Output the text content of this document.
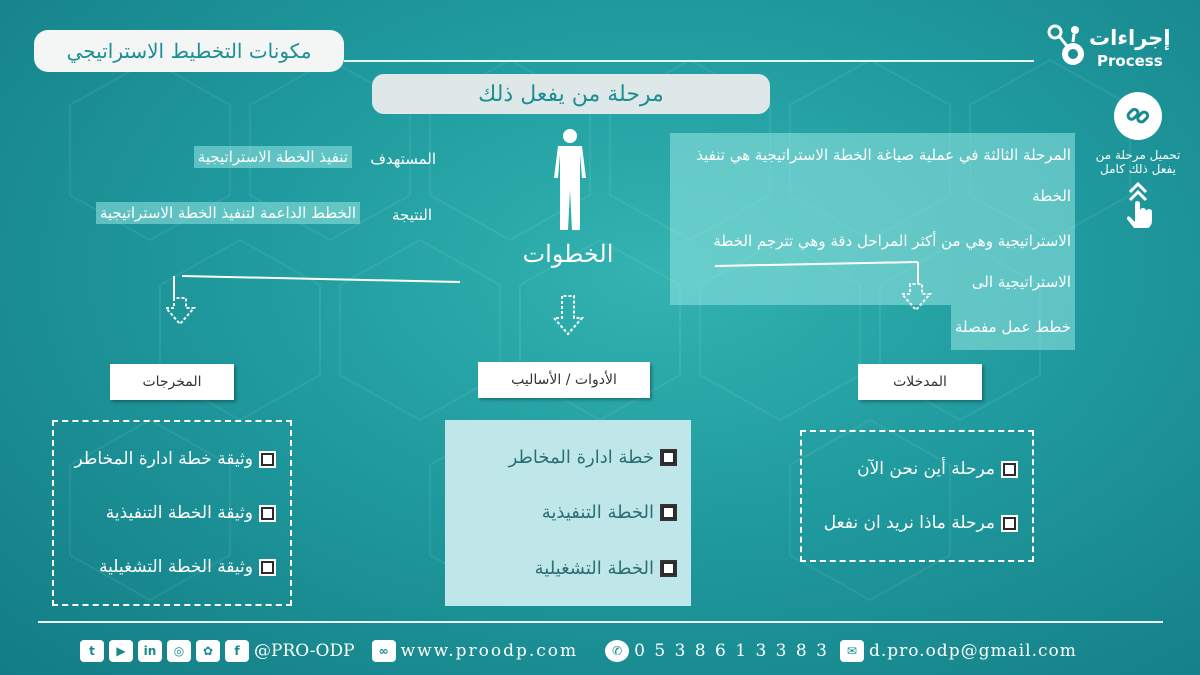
مكونات التخطيط الاستراتيجي
إجراءات
Process
مرحلة من يفعل ذلك
تحميل مرحلة من
يفعل ذلك كامل
المرحلة الثالثة في عملية صياغة الخطة الاستراتيجية هي تنفيذ الخطة
الاستراتيجية وهي من أكثر المراحل دقة وهي تترجم الخطة الاستراتيجية الى
خطط عمل مفصلة
المستهدف
تنفيذ الخطة الاستراتيجية
النتيجة
الخطط الداعمة لتنفيذ الخطة الاستراتيجية
الخطوات
المخرجات	الأدوات / الأساليب	المدخلات
وثيقة خطة ادارة المخاطر
وثيقة الخطة التنفيذية
وثيقة الخطة التشغيلية
خطة ادارة المخاطر
الخطة التنفيذية
الخطة التشغيلية
مرحلة أين نحن الآن
مرحلة ماذا نريد ان نفعل
t	▶	in	◎	✿	f @PRO-ODP	∞ www.proodp.com	✆ 0 5 3 8 6 1 3 3 8 3	✉ d.pro.odp@gmail.com
